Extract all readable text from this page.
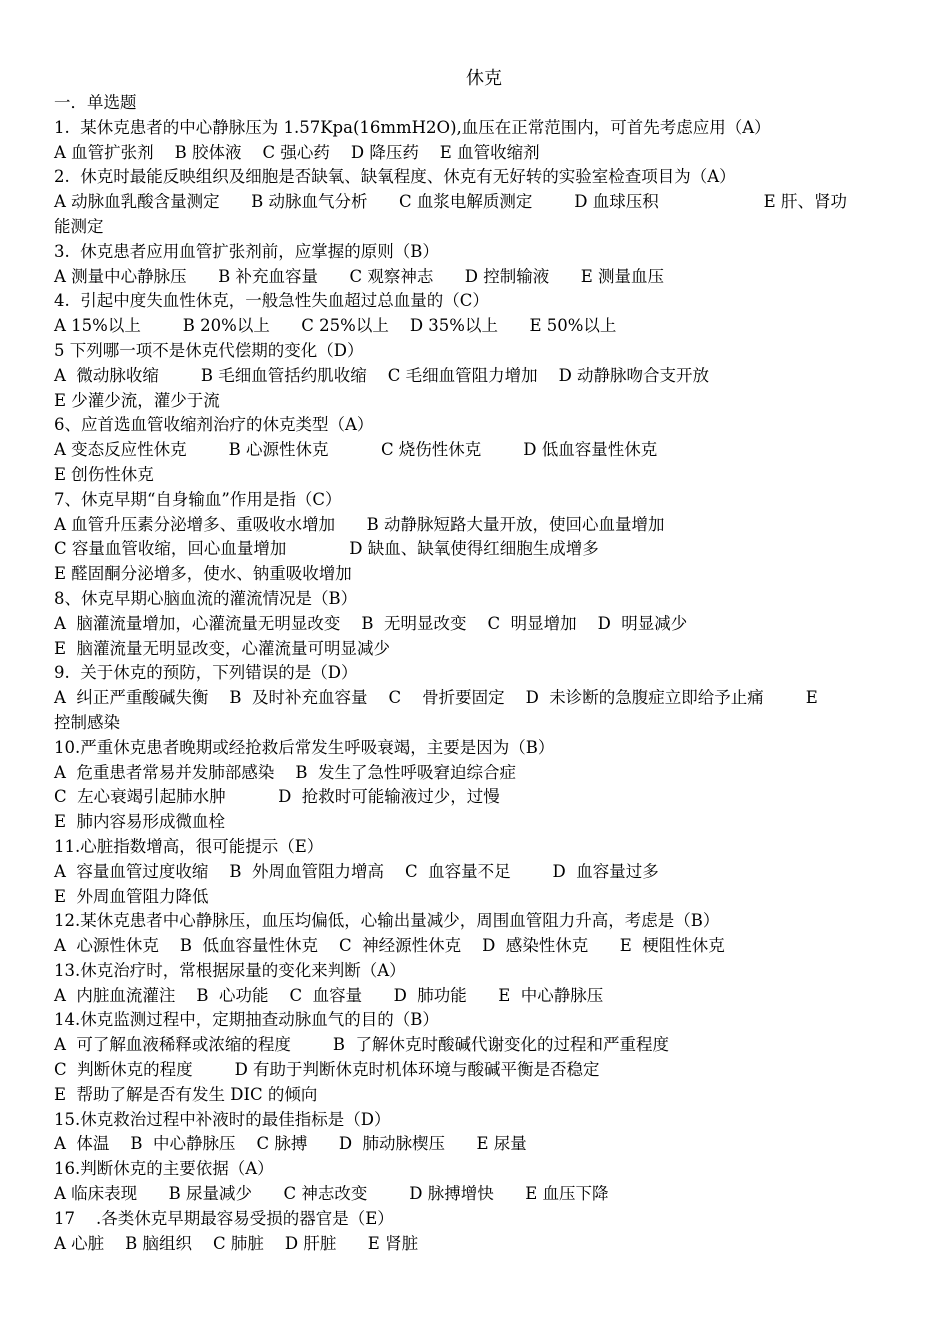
休克
一．单选题
1.  某休克患者的中心静脉压为 1.57Kpa(16mmH2O),血压在正常范围内，可首先考虑应用（A）
A 血管扩张剂    B 胶体液    C 强心药    D 降压药    E 血管收缩剂
2.  休克时最能反映组织及细胞是否缺氧、缺氧程度、休克有无好转的实验室检查项目为（A）
A 动脉血乳酸含量测定      B 动脉血气分析      C 血浆电解质测定        D 血球压积                    E 肝、肾功
能测定
3.  休克患者应用血管扩张剂前，应掌握的原则（B）
A 测量中心静脉压      B 补充血容量      C 观察神志      D 控制输液      E 测量血压
4.  引起中度失血性休克，一般急性失血超过总血量的（C）
A 15%以上        B 20%以上      C 25%以上    D 35%以上      E 50%以上
5 下列哪一项不是休克代偿期的变化（D）
A  微动脉收缩        B 毛细血管括约肌收缩    C 毛细血管阻力增加    D 动静脉吻合支开放
E 少灌少流，灌少于流
6、应首选血管收缩剂治疗的休克类型（A）
A 变态反应性休克        B 心源性休克          C 烧伤性休克        D 低血容量性休克
E 创伤性休克
7、休克早期“自身输血”作用是指（C）
A 血管升压素分泌增多、重吸收水增加      B 动静脉短路大量开放，使回心血量增加
C 容量血管收缩，回心血量增加            D 缺血、缺氧使得红细胞生成增多
E 醛固酮分泌增多，使水、钠重吸收增加
8、休克早期心脑血流的灌流情况是（B）
A  脑灌流量增加，心灌流量无明显改变    B  无明显改变    C  明显增加    D  明显减少
E  脑灌流量无明显改变，心灌流量可明显减少
9.  关于休克的预防，下列错误的是（D）
A  纠正严重酸碱失衡    B  及时补充血容量    C    骨折要固定    D  未诊断的急腹症立即给予止痛        E
控制感染
10.严重休克患者晚期或经抢救后常发生呼吸衰竭，主要是因为（B）
A  危重患者常易并发肺部感染    B  发生了急性呼吸窘迫综合症
C  左心衰竭引起肺水肿          D  抢救时可能输液过少，过慢
E  肺内容易形成微血栓
11.心脏指数增高，很可能提示（E）
A  容量血管过度收缩    B  外周血管阻力增高    C  血容量不足        D  血容量过多
E  外周血管阻力降低
12.某休克患者中心静脉压，血压均偏低，心输出量减少，周围血管阻力升高，考虑是（B）
A  心源性休克    B  低血容量性休克    C  神经源性休克    D  感染性休克      E  梗阻性休克
13.休克治疗时，常根据尿量的变化来判断（A）
A  内脏血流灌注    B  心功能    C  血容量      D  肺功能      E  中心静脉压
14.休克监测过程中，定期抽查动脉血气的目的（B）
A  可了解血液稀释或浓缩的程度        B  了解休克时酸碱代谢变化的过程和严重程度
C  判断休克的程度        D 有助于判断休克时机体环境与酸碱平衡是否稳定
E  帮助了解是否有发生 DIC 的倾向
15.休克救治过程中补液时的最佳指标是（D）
A  体温    B  中心静脉压    C 脉搏      D  肺动脉楔压      E 尿量
16.判断休克的主要依据（A）
A 临床表现      B 尿量减少      C 神志改变        D 脉搏增快      E 血压下降
17    .各类休克早期最容易受损的器官是（E）
A 心脏    B 脑组织    C 肺脏    D 肝脏      E 肾脏
